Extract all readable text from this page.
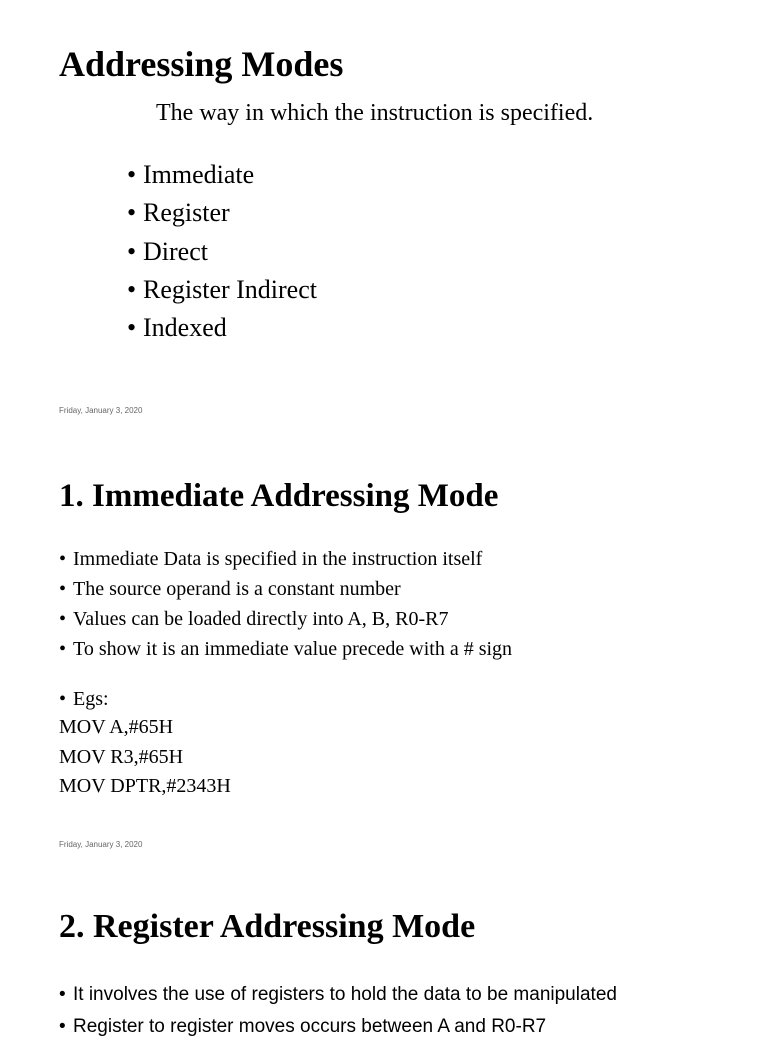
Addressing Modes

The way in which the instruction is specified.

• Immediate
• Register
• Direct
• Register Indirect
• Indexed

Friday, January 3, 2020

1. Immediate Addressing Mode
• Immediate Data is specified in the instruction itself
• The source operand is a constant number
• Values can be loaded directly into A, B, R0-R7
• To show it is an immediate value precede with a # sign
• Egs:
MOV A,#65H
MOV R3,#65H
MOV DPTR,#2343H

Friday, January 3, 2020

2. Register Addressing Mode
• It involves the use of registers to hold the data to be manipulated
• Register to register moves occurs between A and R0-R7
